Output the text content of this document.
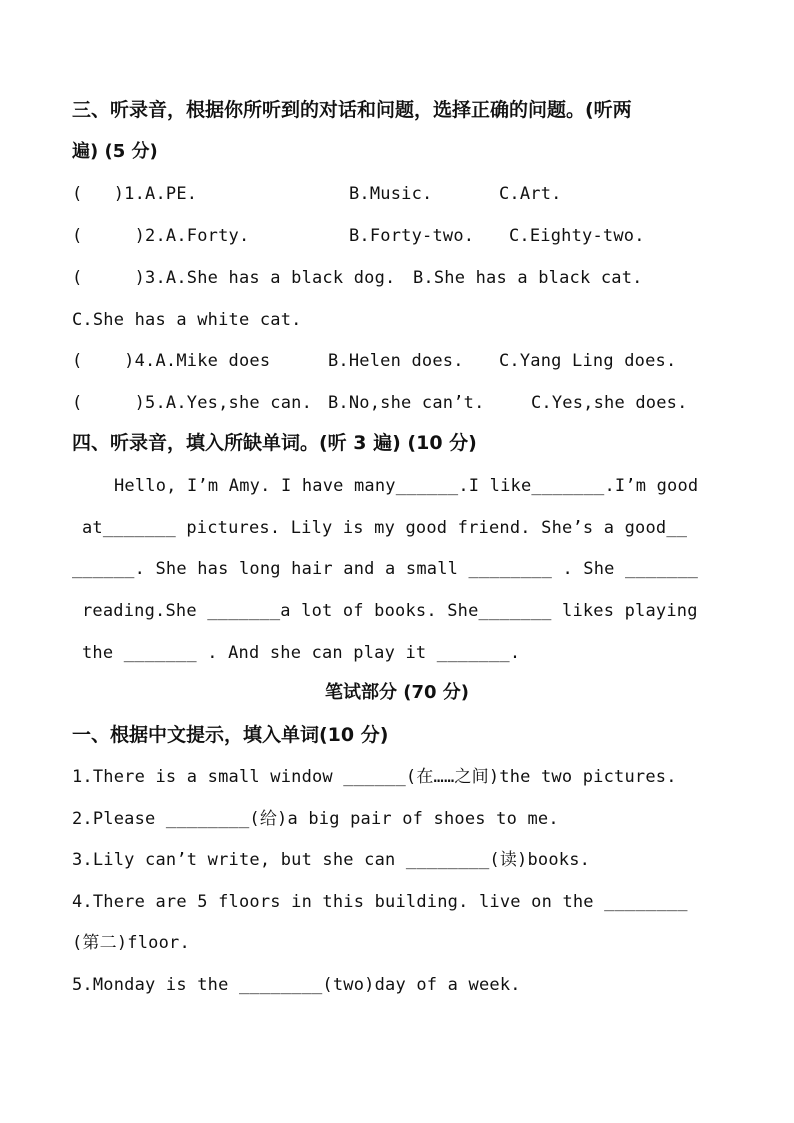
三、听录音，根据你所听到的对话和问题，选择正确的问题。(听两
遍) (5 分)
(   )1.A.PE.	B.Music.	C.Art.
(     )2.A.Forty.	B.Forty-two. C.Eighty-two.
(     )3.A.She has a black dog. B.She has a black cat.
C.She has a white cat.
(    )4.A.Mike does	B.Helen does. C.Yang Ling does.
(     )5.A.Yes,she can. B.No,she can’t.	C.Yes,she does.
四、听录音，填入所缺单词。(听 3 遍) (10 分)
Hello, I’m Amy. I have many______.I like_______.I’m good
at_______ pictures. Lily is my good friend. She’s a good__
______. She has long hair and a small ________ . She _______
reading.She _______a lot of books. She_______ likes playing
the _______ . And she can play it _______.
笔试部分 (70 分)
一、根据中文提示，填入单词(10 分)
1.There is a small window ______(在……之间)the two pictures.
2.Please ________(给)a big pair of shoes to me.
3.Lily can’t write, but she can ________(读)books.
4.There are 5 floors in this building. live on the ________
(第二)floor.
5.Monday is the ________(two)day of a week.
